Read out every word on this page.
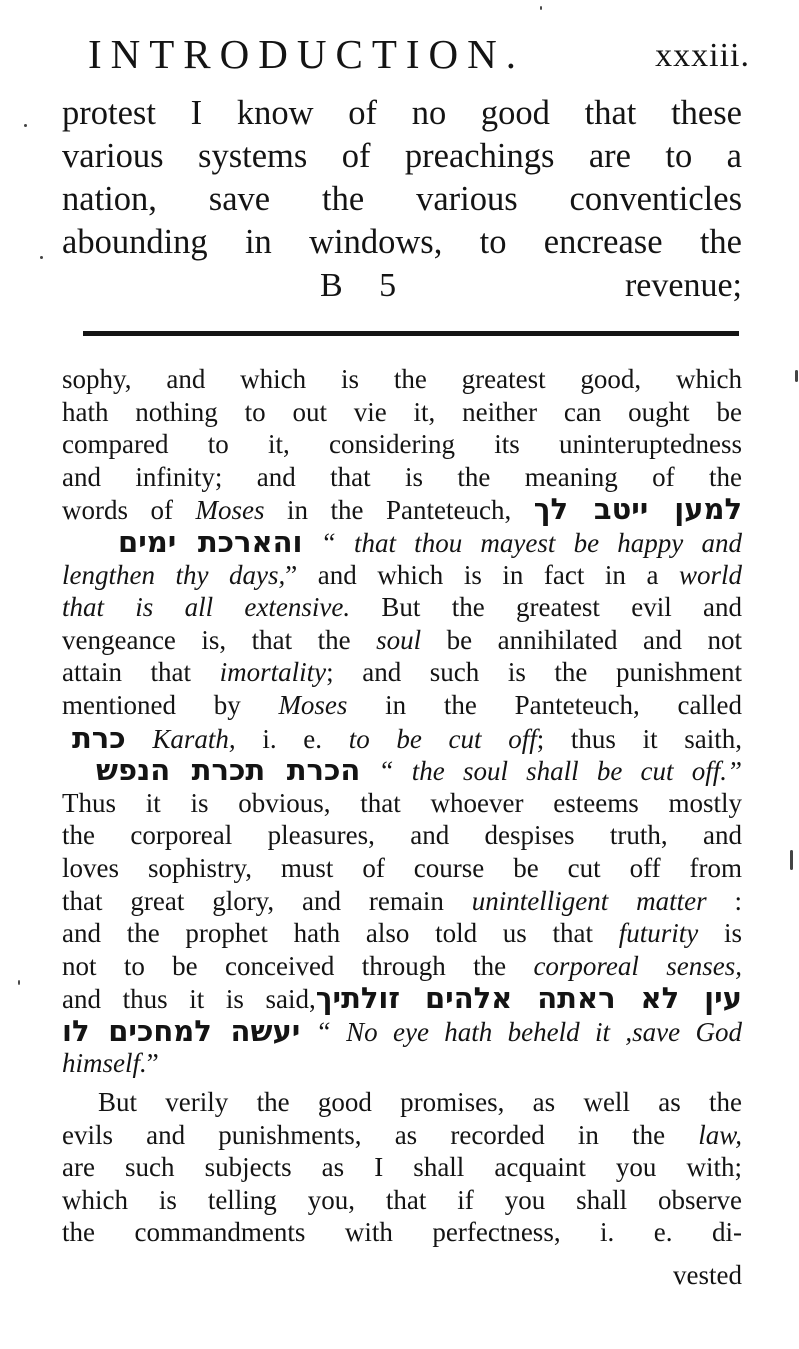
INTRODUCTION.	xxxiii.
protest I know of no good that these
various systems of preachings are to a
nation, save the various conventicles
abounding in windows, to encrease the
B 5	revenue;
sophy, and which is the greatest good, which
hath nothing to out vie it, neither can ought be
compared to it, considering its uninteruptedness
and infinity; and that is the meaning of the
words of Moses in the Panteteuch, למען ייטב לך
והארכת ימים “ that thou mayest be happy and
lengthen thy days,” and which is in fact in a world
that is all extensive. But the greatest evil and
vengeance is, that the soul be annihilated and not
attain that imortality; and such is the punishment
mentioned by Moses in the Panteteuch, called
כרת Karath, i. e. to be cut off; thus it saith,
הכרת תכרת הנפש “ the soul shall be cut off.”
Thus it is obvious, that whoever esteems mostly
the corporeal pleasures, and despises truth, and
loves sophistry, must of course be cut off from
that great glory, and remain unintelligent matter :
and the prophet hath also told us that futurity is
not to be conceived through the corporeal senses,
and thus it is said,עין לא ראתה אלהים זולתיך
יעשה למחכים לו “ No eye hath beheld it ,save God
himself.”
But verily the good promises, as well as the
evils and punishments, as recorded in the law,
are such subjects as I shall acquaint you with;
which is telling you, that if you shall observe
the commandments with perfectness, i. e. di-
vested
